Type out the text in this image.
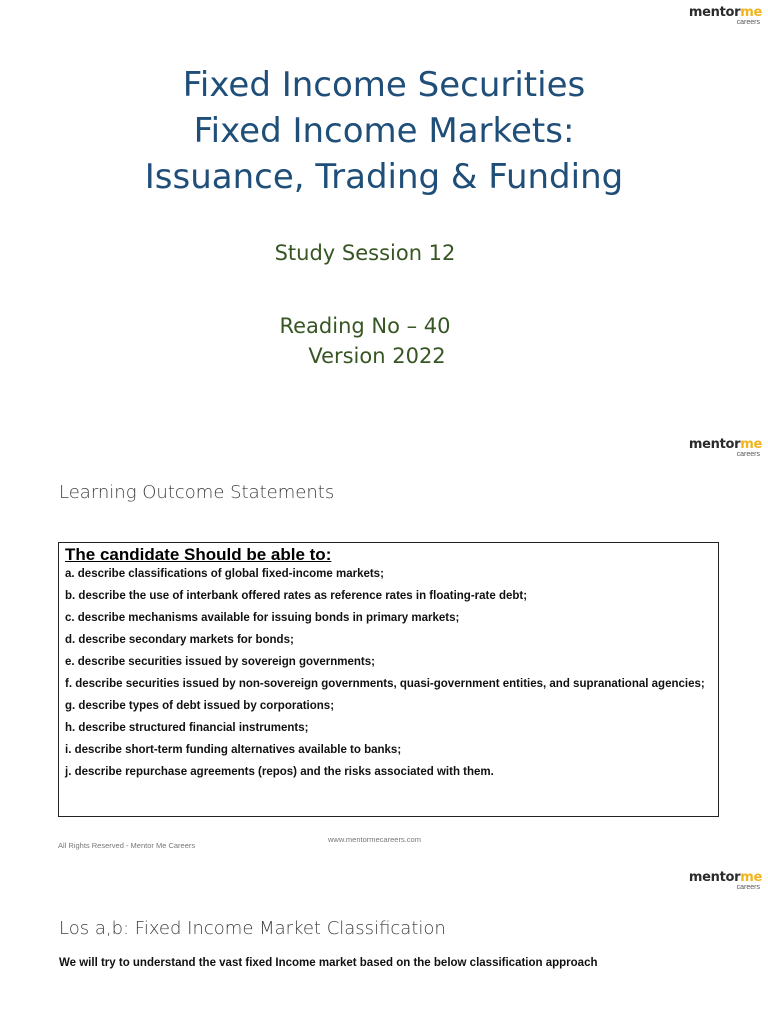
mentorme
careers
Fixed Income Securities
Fixed Income Markets:
Issuance, Trading & Funding
Study Session 12
Reading No – 40
Version 2022
mentorme
careers
Learning Outcome Statements
The candidate Should be able to:
a. describe classifications of global fixed-income markets;
b. describe the use of interbank offered rates as reference rates in floating-rate debt;
c. describe mechanisms available for issuing bonds in primary markets;
d. describe secondary markets for bonds;
e. describe securities issued by sovereign governments;
f. describe securities issued by non-sovereign governments, quasi-government entities, and supranational agencies;
g. describe types of debt issued by corporations;
h. describe structured financial instruments;
i. describe short-term funding alternatives available to banks;
j. describe repurchase agreements (repos) and the risks associated with them.
All Rights Reserved - Mentor Me Careers
www.mentormecareers.com
mentorme
careers
Los a,b: Fixed Income Market Classification
We will try to understand the vast fixed Income market based on the below classification approach
